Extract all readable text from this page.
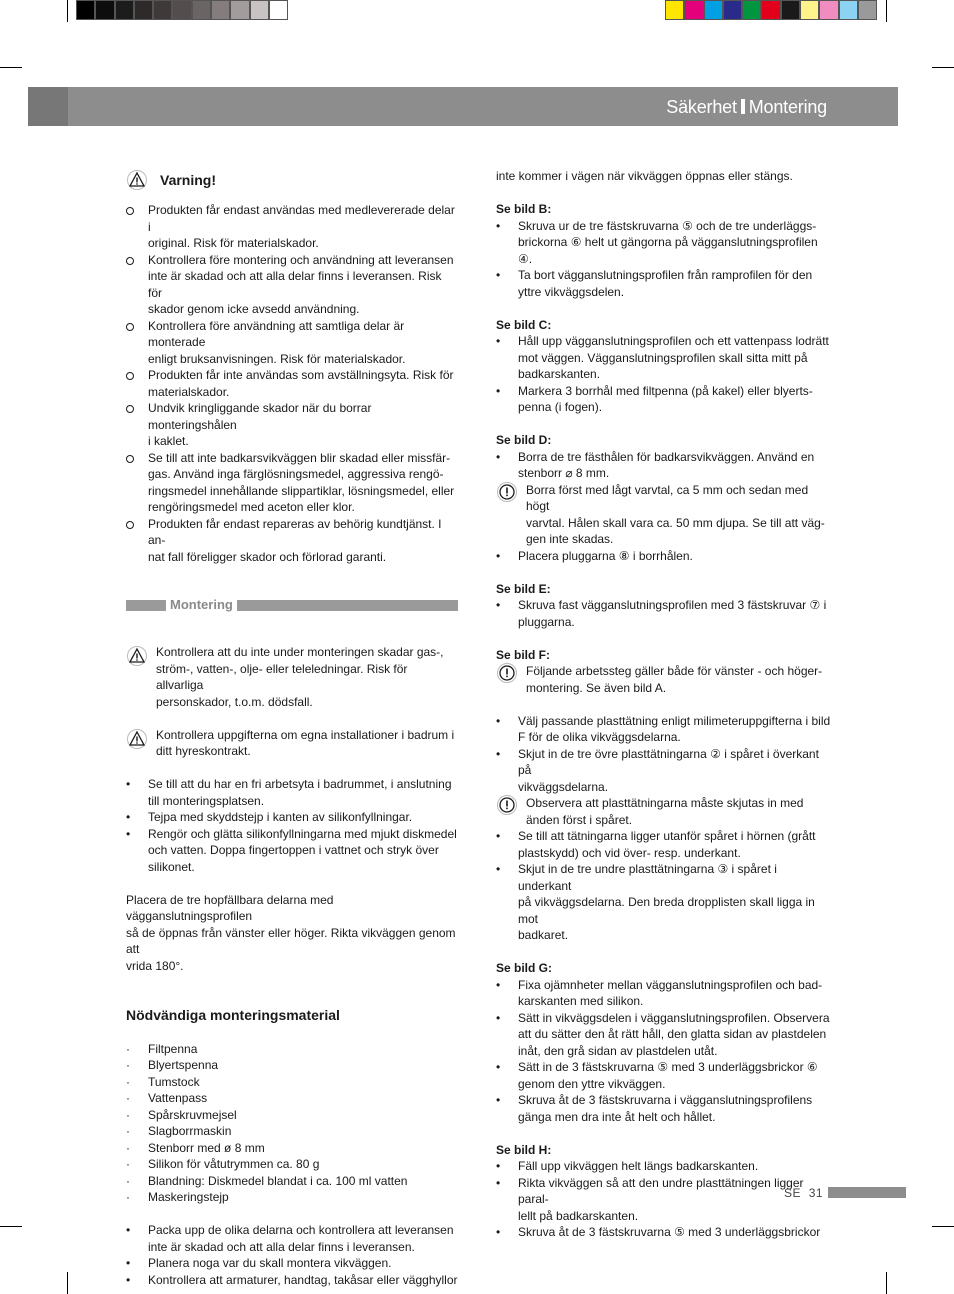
Säkerhet Montering
Varning!

Produkten får endast användas med medlevererade delar i

original. Risk för materialskador.

Kontrollera före montering och användning att leveransen

inte är skadad och att alla delar finns i leveransen. Risk för

skador genom icke avsedd användning.

Kontrollera före användning att samtliga delar är monterade

enligt bruksanvisningen. Risk för materialskador.

Produkten får inte användas som avställningsyta. Risk för

materialskador.

Undvik kringliggande skador när du borrar monteringshålen

i kaklet.

Se till att inte badkarsvikväggen blir skadad eller missfär-

gas. Använd inga färglösningsmedel, aggressiva rengö-

ringsmedel innehållande slippartiklar, lösningsmedel, eller

rengöringsmedel med aceton eller klor.

Produkten får endast repareras av behörig kundtjänst. I an-

nat fall föreligger skador och förlorad garanti.

Montering

Kontrollera att du inte under monteringen skadar gas-,

ström-, vatten-, olje- eller teleledningar. Risk för allvarliga

personskador, t.o.m. dödsfall.

Kontrollera uppgifterna om egna installationer i badrum i

ditt hyreskontrakt.

Se till att du har en fri arbetsyta i badrummet, i anslutning

till monteringsplatsen.

Tejpa med skyddstejp i kanten av silikonfyllningar.

Rengör och glätta silikonfyllningarna med mjukt diskmedel

och vatten. Doppa fingertoppen i vattnet och stryk över

silikonet.

Placera de tre hopfällbara delarna med vägganslutningsprofilen

så de öppnas från vänster eller höger. Rikta vikväggen genom att

vrida 180°.

Nödvändiga monteringsmaterial

Filtpenna

Blyertspenna

Tumstock

Vattenpass

Spårskruvmejsel

Slagborrmaskin

Stenborr med ø 8 mm

Silikon för våtutrymmen ca. 80 g

Blandning: Diskmedel blandat i ca. 100 ml vatten

Maskeringstejp

Packa upp de olika delarna och kontrollera att leveransen

inte är skadad och att alla delar finns i leveransen.

Planera noga var du skall montera vikväggen.

Kontrollera att armaturer, handtag, takåsar eller vägghyllor

inte kommer i vägen när vikväggen öppnas eller stängs.

Se bild B:

Skruva ur de tre fästskruvarna ⑤ och de tre underläggs-

brickorna ⑥ helt ut gängorna på vägganslutningsprofilen

④.

Ta bort vägganslutningsprofilen från ramprofilen för den

yttre vikväggsdelen.

Se bild C:

Håll upp vägganslutningsprofilen och ett vattenpass lodrätt

mot väggen. Vägganslutningsprofilen skall sitta mitt på

badkarskanten.

Markera 3 borrhål med filtpenna (på kakel) eller blyerts-

penna (i fogen).

Se bild D:

Borra de tre fästhålen för badkarsvikväggen. Använd en

stenborr ⌀ 8 mm.

Borra först med lågt varvtal, ca 5 mm och sedan med högt

varvtal. Hålen skall vara ca. 50 mm djupa. Se till att väg-

gen inte skadas.

Placera pluggarna ⑧ i borrhålen.

Se bild E:

Skruva fast vägganslutningsprofilen med 3 fästskruvar ⑦ i

pluggarna.

Se bild F:

Följande arbetssteg gäller både för vänster - och höger-

montering. Se även bild A.

Välj passande plasttätning enligt milimeteruppgifterna i bild

F för de olika vikväggsdelarna.

Skjut in de tre övre plasttätningarna ② i spåret i överkant på

vikväggsdelarna.

Observera att plasttätningarna måste skjutas in med

änden först i spåret.

Se till att tätningarna ligger utanför spåret i hörnen (grått

plastskydd) och vid över- resp. underkant.

Skjut in de tre undre plasttätningarna ③ i spåret i underkant

på vikväggsdelarna. Den breda dropplisten skall ligga in mot

badkaret.

Se bild G:

Fixa ojämnheter mellan vägganslutningsprofilen och bad-

karskanten med silikon.

Sätt in vikväggsdelen i vägganslutningsprofilen. Observera

att du sätter den åt rätt håll, den glatta sidan av plastdelen

inåt, den grå sidan av plastdelen utåt.

Sätt in de 3 fästskruvarna ⑤ med 3 underläggsbrickor ⑥

genom den yttre vikväggen.

Skruva åt de 3 fästskruvarna i vägganslutningsprofilens

gänga men dra inte åt helt och hållet.

Se bild H:

Fäll upp vikväggen helt längs badkarskanten.

Rikta vikväggen så att den undre plasttätningen ligger paral-

lellt på badkarskanten.

Skruva åt de 3 fästskruvarna ⑤ med 3 underläggsbrickor

SE 31
